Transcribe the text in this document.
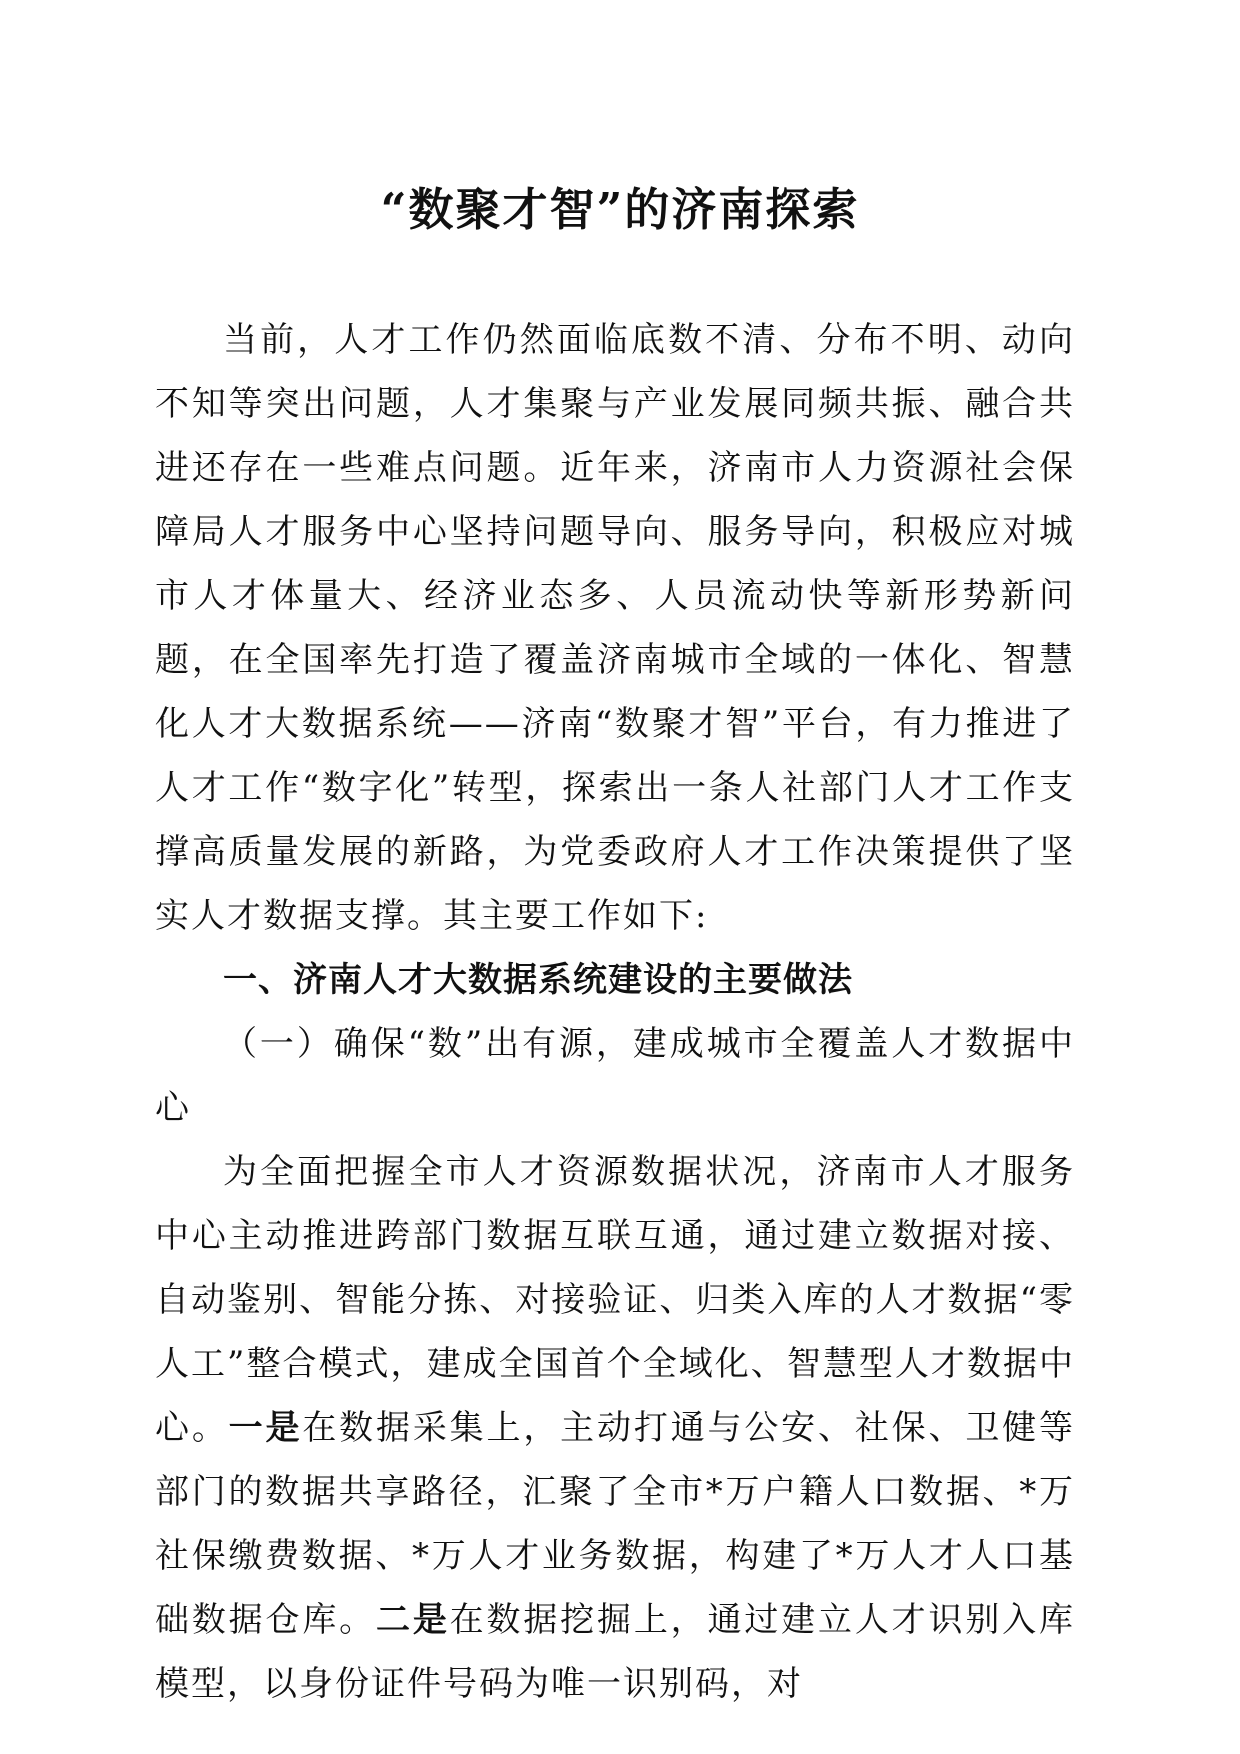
“数聚才智”的济南探索

当前，人才工作仍然面临底数不清、分布不明、动向不知等突出问题，人才集聚与产业发展同频共振、融合共进还存在一些难点问题。近年来，济南市人力资源社会保障局人才服务中心坚持问题导向、服务导向，积极应对城市人才体量大、经济业态多、人员流动快等新形势新问题，在全国率先打造了覆盖济南城市全域的一体化、智慧化人才大数据系统——济南“数聚才智”平台，有力推进了人才工作“数字化”转型，探索出一条人社部门人才工作支撑高质量发展的新路，为党委政府人才工作决策提供了坚实人才数据支撑。其主要工作如下:

一、济南人才大数据系统建设的主要做法

（一）确保“数”出有源，建成城市全覆盖人才数据中心

为全面把握全市人才资源数据状况，济南市人才服务中心主动推进跨部门数据互联互通，通过建立数据对接、自动鉴别、智能分拣、对接验证、归类入库的人才数据“零人工”整合模式，建成全国首个全域化、智慧型人才数据中心。一是在数据采集上，主动打通与公安、社保、卫健等部门的数据共享路径，汇聚了全市*万户籍人口数据、*万社保缴费数据、*万人才业务数据，构建了*万人才人口基础数据仓库。二是在数据挖掘上，通过建立人才识别入库模型，以身份证件号码为唯一识别码，对
